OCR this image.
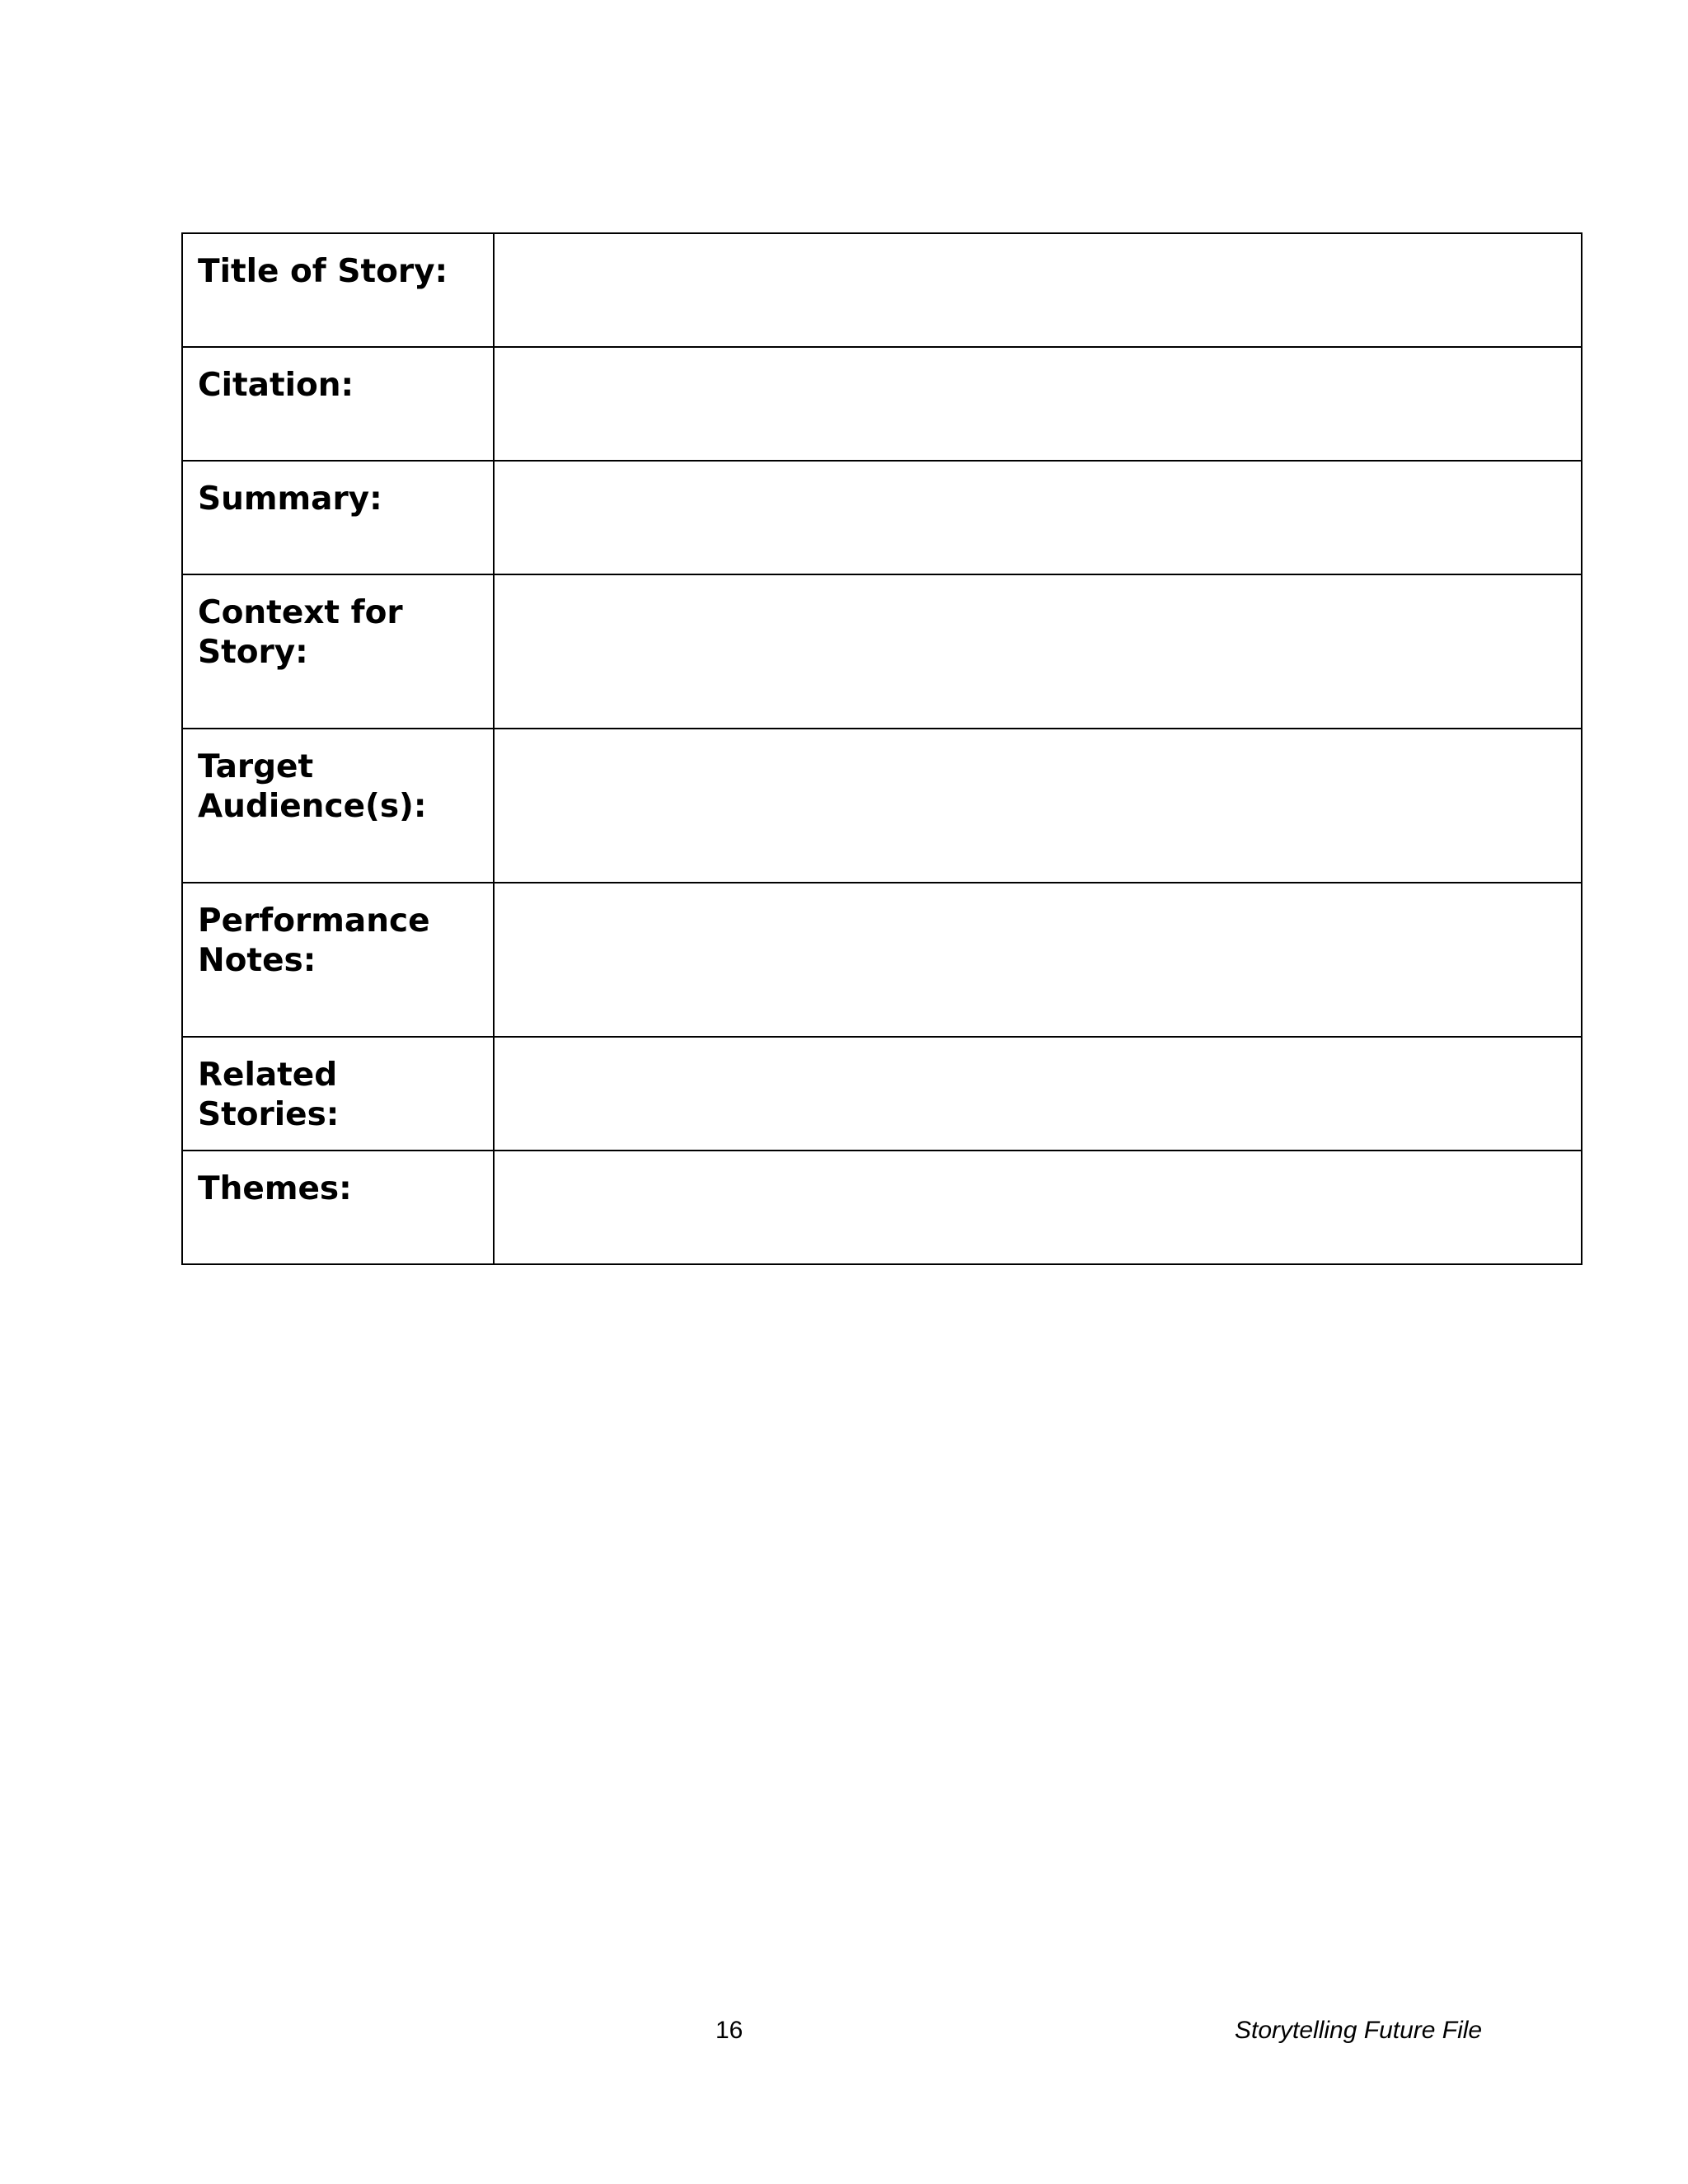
Title of Story:	
Citation:	
Summary:	
Context for Story:	
Target Audience(s):	
Performance Notes:	
Related Stories:	
Themes:	
16	Storytelling Future File
